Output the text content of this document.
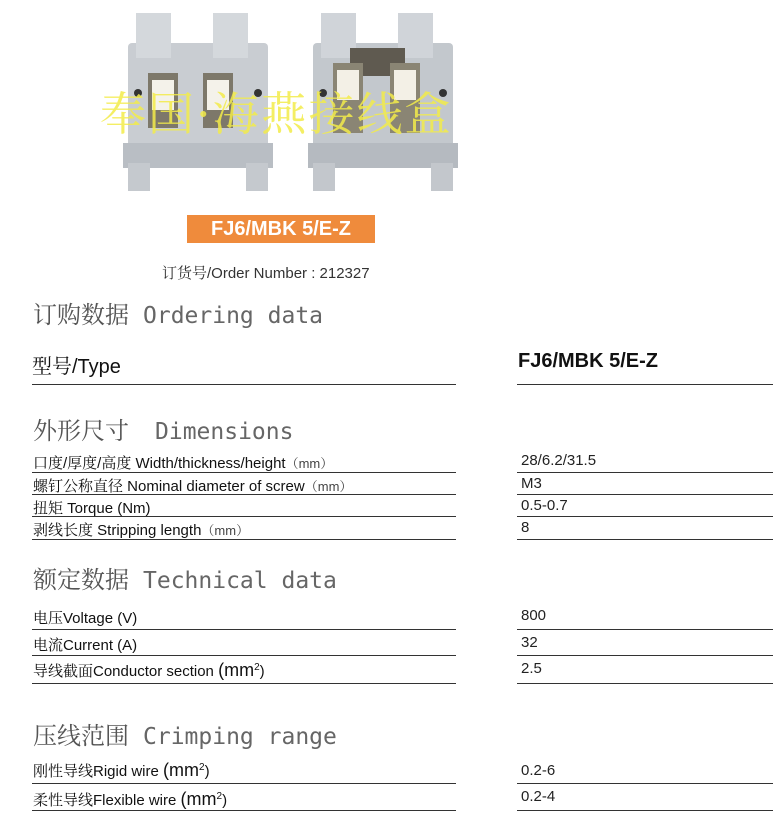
奉国·海燕接线盒
FJ6/MBK 5/E-Z
订货号/Order Number : 212327
订购数据 Ordering data
型号/Type	FJ6/MBK 5/E-Z
外形尺寸 Dimensions
口度/厚度/高度 Width/thickness/height（mm）	28/6.2/31.5
螺钉公称直径 Nominal diameter of screw（mm）	M3
扭矩 Torque (Nm)	0.5-0.7
剥线长度 Stripping length（mm）	8
额定数据 Technical data
电压Voltage (V)	800
电流Current (A)	32
导线截面Conductor section $(mm^2)$	2.5
压线范围 Crimping range
刚性导线Rigid wire $(mm^2)$	0.2-6
柔性导线Flexible wire $(mm^2)$	0.2-4
